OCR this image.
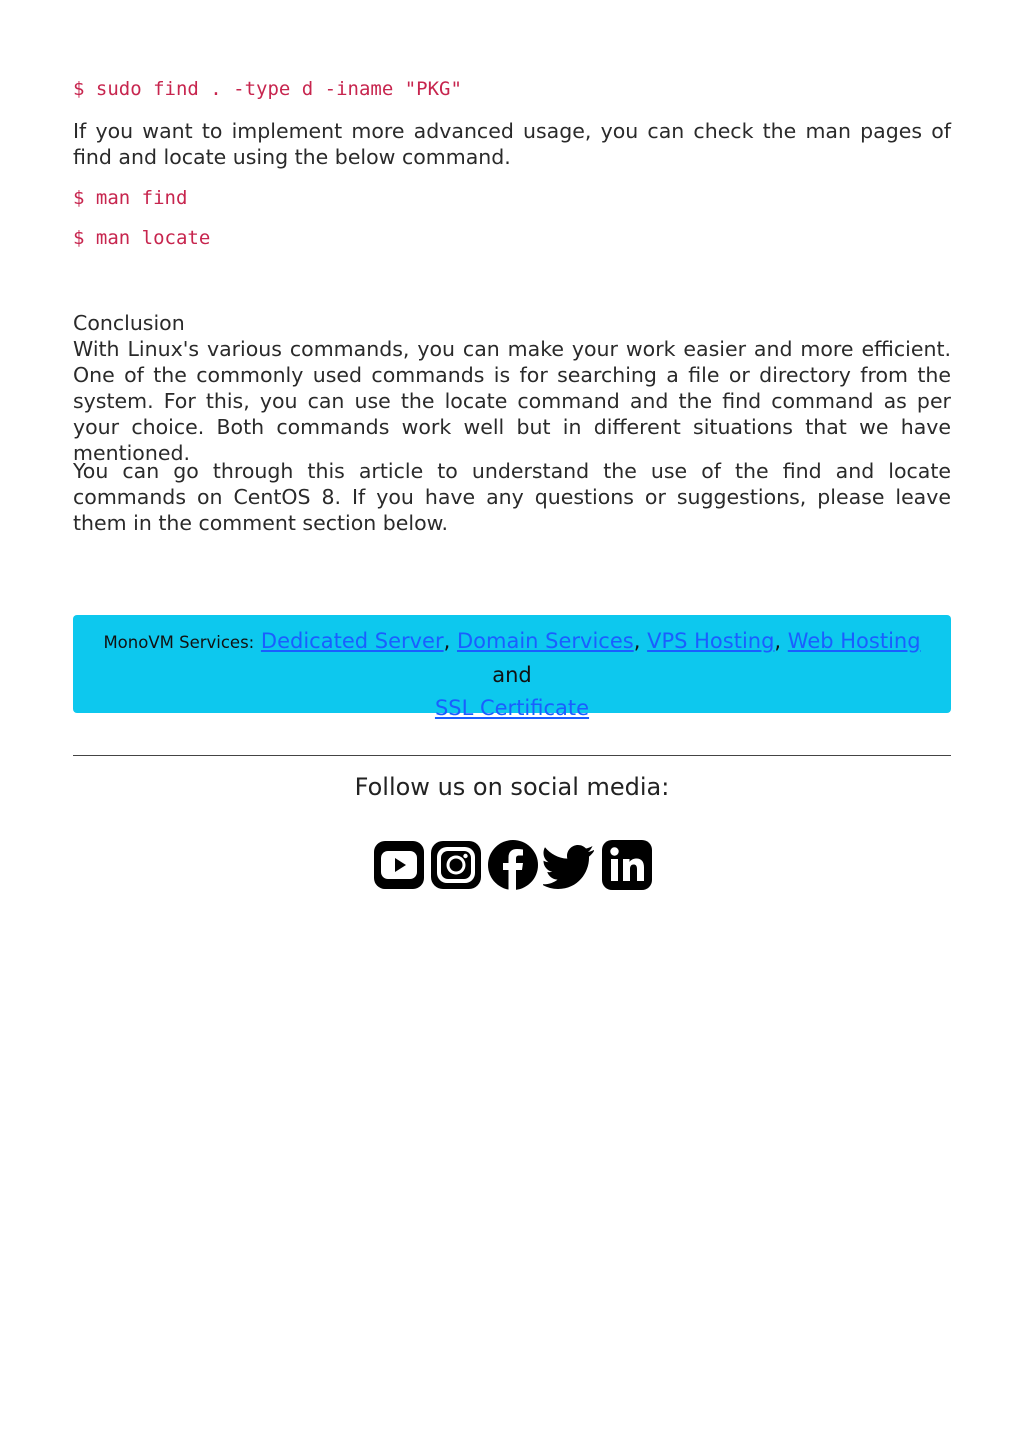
$ sudo find . -type d -iname "PKG"

If you want to implement more advanced usage, you can check the man pages of find and locate using the below command.

$ man find
$ man locate

Conclusion

With Linux's various commands, you can make your work easier and more efficient. One of the commonly used commands is for searching a file or directory from the system. For this, you can use the locate command and the find command as per your choice. Both commands work well but in different situations that we have mentioned.

You can go through this article to understand the use of the find and locate commands on CentOS 8. If you have any questions or suggestions, please leave them in the comment section below.

MonoVM Services: Dedicated Server, Domain Services, VPS Hosting, Web Hosting and
SSL Certificate
Follow us on social media:
